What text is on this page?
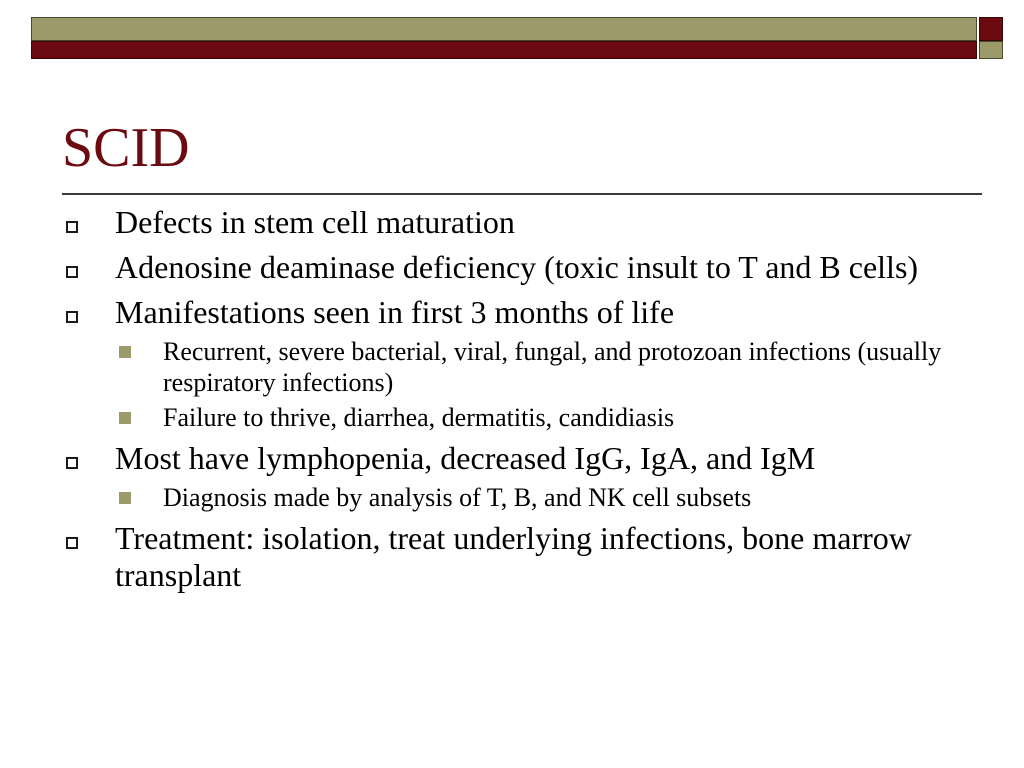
SCID
Defects in stem cell maturation
Adenosine deaminase deficiency (toxic insult to T and B cells)
Manifestations seen in first 3 months of life
Recurrent, severe bacterial, viral, fungal, and protozoan infections (usually respiratory infections)
Failure to thrive, diarrhea, dermatitis, candidiasis
Most have lymphopenia, decreased IgG, IgA, and IgM
Diagnosis made by analysis of T, B, and NK cell subsets
Treatment: isolation, treat underlying infections, bone marrow transplant
